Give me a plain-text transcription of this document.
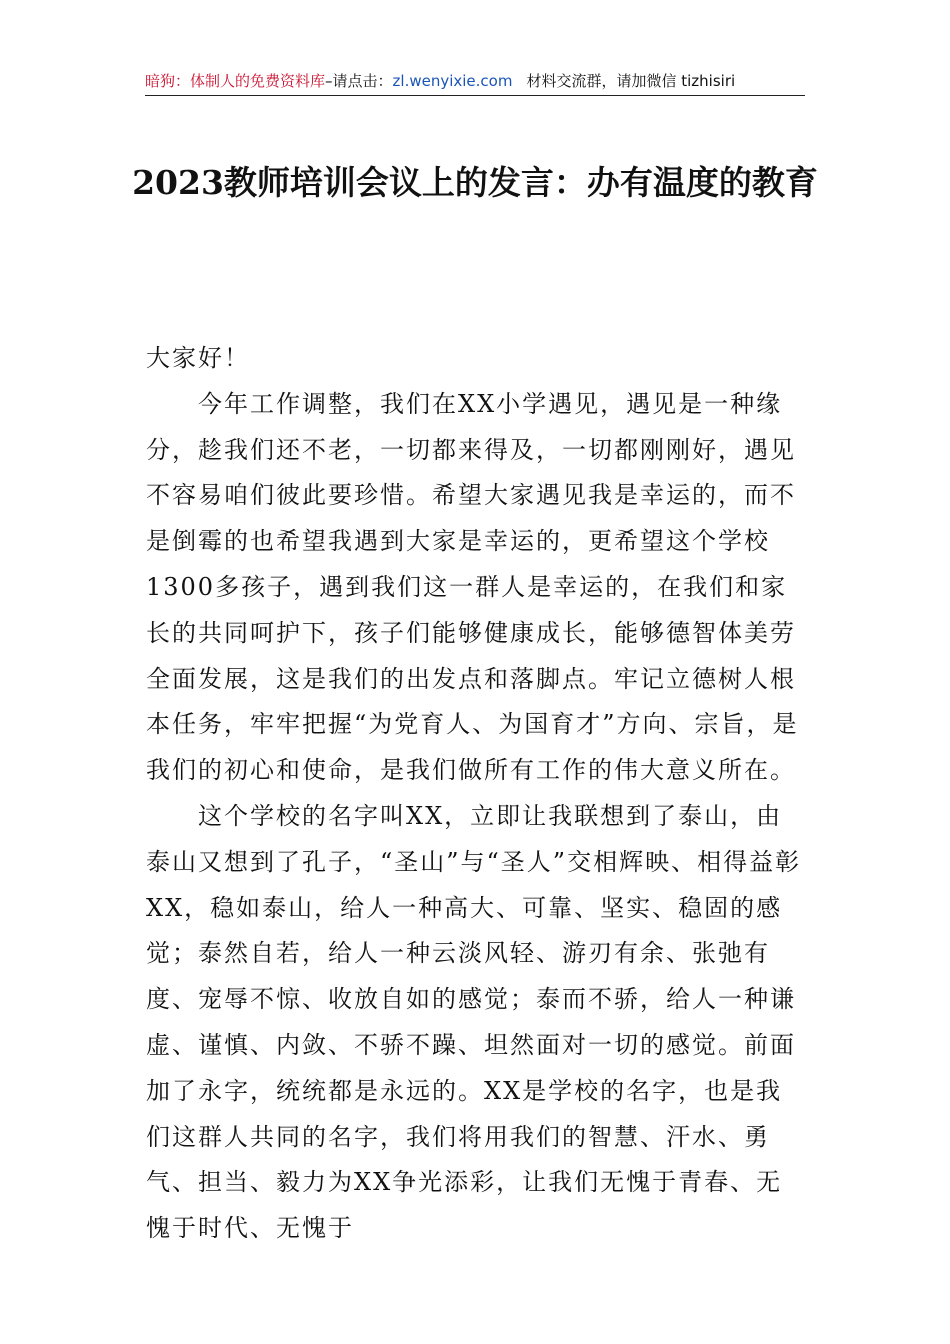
暗狗：体制人的免费资料库–请点击：zl.wenyixie.com 材料交流群，请加微信 tizhisiri
2023教师培训会议上的发言：办有温度的教育

大家好！

今年工作调整，我们在XX小学遇见，遇见是一种缘分，趁我们还不老，一切都来得及，一切都刚刚好，遇见不容易咱们彼此要珍惜。希望大家遇见我是幸运的，而不是倒霉的也希望我遇到大家是幸运的，更希望这个学校1300多孩子，遇到我们这一群人是幸运的，在我们和家长的共同呵护下，孩子们能够健康成长，能够德智体美劳全面发展，这是我们的出发点和落脚点。牢记立德树人根本任务，牢牢把握“为党育人、为国育才”方向、宗旨，是我们的初心和使命，是我们做所有工作的伟大意义所在。

这个学校的名字叫XX，立即让我联想到了泰山，由泰山又想到了孔子，“圣山”与“圣人”交相辉映、相得益彰XX，稳如泰山，给人一种高大、可靠、坚实、稳固的感觉；泰然自若，给人一种云淡风轻、游刃有余、张弛有度、宠辱不惊、收放自如的感觉；泰而不骄，给人一种谦虚、谨慎、内敛、不骄不躁、坦然面对一切的感觉。前面加了永字，统统都是永远的。XX是学校的名字，也是我们这群人共同的名字，我们将用我们的智慧、汗水、勇气、担当、毅力为XX争光添彩，让我们无愧于青春、无愧于时代、无愧于
